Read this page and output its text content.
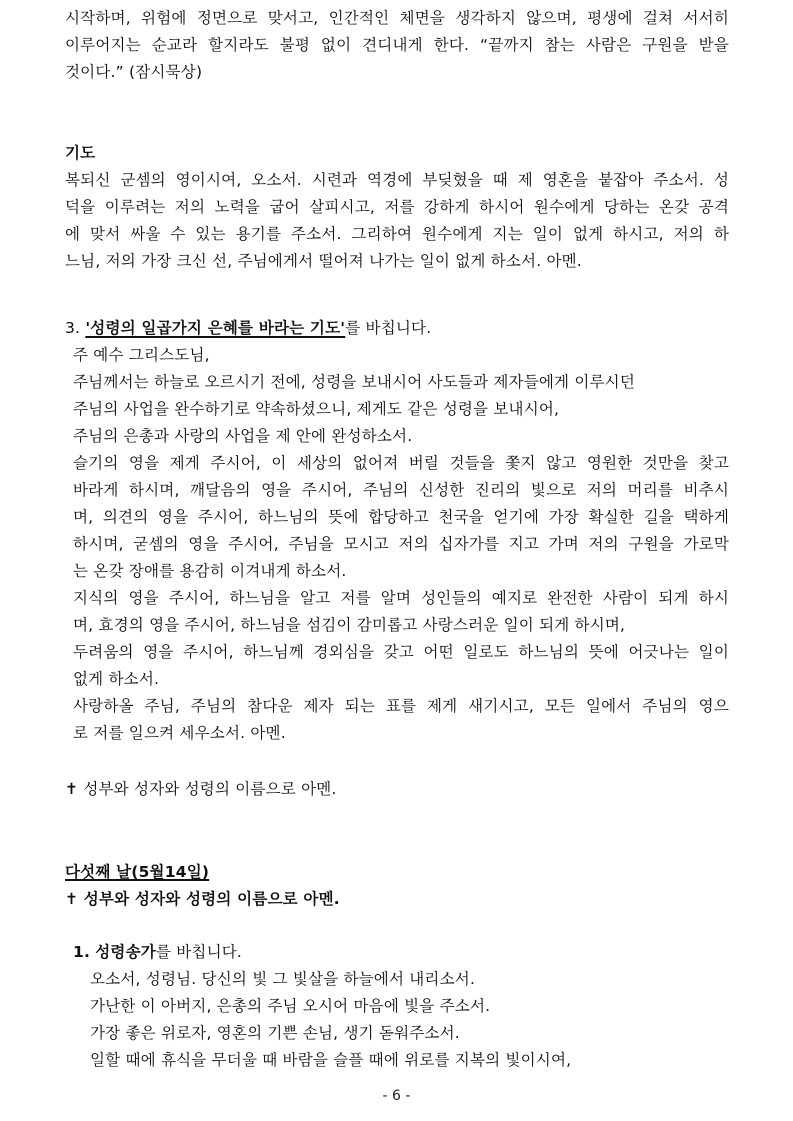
시작하며, 위험에 정면으로 맞서고, 인간적인 체면을 생각하지 않으며, 평생에 걸쳐 서서히
이루어지는 순교라 할지라도 불평 없이 견디내게 한다. “끝까지 참는 사람은 구원을 받을
것이다.” (잠시묵상)
기도
복되신 군셈의 영이시여, 오소서. 시련과 역경에 부딪혔을 때 제 영혼을 붙잡아 주소서. 성
덕을 이루려는 저의 노력을 굽어 살피시고, 저를 강하게 하시어 원수에게 당하는 온갖 공격
에 맞서 싸울 수 있는 용기를 주소서. 그리하여 원수에게 지는 일이 없게 하시고, 저의 하
느님, 저의 가장 크신 선, 주님에게서 떨어져 나가는 일이 없게 하소서. 아멘.
3. '성령의 일곱가지 은혜를 바라는 기도'를 바칩니다.
주 예수 그리스도님,
주님께서는 하늘로 오르시기 전에, 성령을 보내시어 사도들과 제자들에게 이루시던
주님의 사업을 완수하기로 약속하셨으니, 제게도 같은 성령을 보내시어,
주님의 은총과 사랑의 사업을 제 안에 완성하소서.
슬기의 영을 제게 주시어, 이 세상의 없어져 버릴 것들을 쫓지 않고 영원한 것만을 찾고
바라게 하시며, 깨달음의 영을 주시어, 주님의 신성한 진리의 빛으로 저의 머리를 비추시
며, 의견의 영을 주시어, 하느님의 뜻에 합당하고 천국을 얻기에 가장 확실한 길을 택하게
하시며, 굳셈의 영을 주시어, 주님을 모시고 저의 십자가를 지고 가며 저의 구원을 가로막
는 온갖 장애를 용감히 이겨내게 하소서.
지식의 영을 주시어, 하느님을 알고 저를 알며 성인들의 예지로 완전한 사람이 되게 하시
며, 효경의 영을 주시어, 하느님을 섬김이 감미롭고 사랑스러운 일이 되게 하시며,
두려움의 영을 주시어, 하느님께 경외심을 갖고 어떤 일로도 하느님의 뜻에 어긋나는 일이
없게 하소서.
사랑하올 주님, 주님의 참다운 제자 되는 표를 제게 새기시고, 모든 일에서 주님의 영으
로 저를 일으켜 세우소서. 아멘.
✝ 성부와 성자와 성령의 이름으로 아멘.
다섯째 날(5월14일)
✝ 성부와 성자와 성령의 이름으로 아멘.
1. 성령송가를 바칩니다.
오소서, 성령님. 당신의 빛 그 빛살을 하늘에서 내리소서.
가난한 이 아버지, 은총의 주님 오시어 마음에 빛을 주소서.
가장 좋은 위로자, 영혼의 기쁜 손님, 생기 돋워주소서.
일할 때에 휴식을 무더울 때 바람을 슬플 때에 위로를 지복의 빛이시여,
- 6 -
